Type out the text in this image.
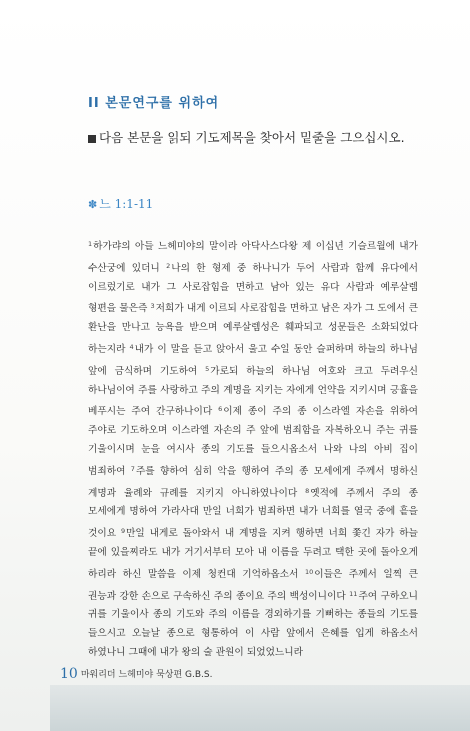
II 본문연구를 위하여
다음 본문을 읽되 기도제목을 찾아서 밑줄을 그으십시오.
✽ 느 1:1-11
$^1$하가랴의 아들 느헤미야의 말이라 아닥사스다왕 제 이십년 기슬르월에 내가 수산궁에 있더니 $^2$나의 한 형제 중 하나니가 두어 사람과 함께 유다에서 이르렀기로 내가 그 사로잡힘을 면하고 남아 있는 유다 사람과 예루살렘 형편을 물은즉 $^3$저희가 내게 이르되 사로잡힘을 면하고 남은 자가 그 도에서 큰 환난을 만나고 능욕을 받으며 예루살렘성은 훼파되고 성문들은 소화되었다 하는지라 $^4$내가 이 말을 듣고 앉아서 울고 수일 동안 슬퍼하며 하늘의 하나님 앞에 금식하며 기도하여 $^5$가로되 하늘의 하나님 여호와 크고 두려우신 하나님이여 주를 사랑하고 주의 계명을 지키는 자에게 언약을 지키시며 긍휼을 베푸시는 주여 간구하나이다 $^6$이제 종이 주의 종 이스라엘 자손을 위하여 주야로 기도하오며 이스라엘 자손의 주 앞에 범죄함을 자복하오니 주는 귀를 기울이시며 눈을 여시사 종의 기도를 들으시옵소서 나와 나의 아비 집이 범죄하여 $^7$주를 향하여 심히 악을 행하여 주의 종 모세에게 주께서 명하신 계명과 율례와 규례를 지키지 아니하였나이다 $^8$옛적에 주께서 주의 종 모세에게 명하여 가라사대 만일 너희가 범죄하면 내가 너희를 열국 중에 흩을 것이요 $^9$만일 내게로 돌아와서 내 계명을 지켜 행하면 너희 쫓긴 자가 하늘 끝에 있을찌라도 내가 거기서부터 모아 내 이름을 두려고 택한 곳에 돌아오게 하리라 하신 말씀을 이제 청컨대 기억하옵소서 $^{10}$이들은 주께서 일찍 큰 권능과 강한 손으로 구속하신 주의 종이요 주의 백성이니이다 $^{11}$주여 구하오니 귀를 기울이사 종의 기도와 주의 이름을 경외하기를 기뻐하는 종들의 기도를 들으시고 오늘날 종으로 형통하여 이 사람 앞에서 은혜를 입게 하옵소서 하였나니 그때에 내가 왕의 술 관원이 되었었느니라
10 마워리더 느헤미야 묵상편 G.B.S.
